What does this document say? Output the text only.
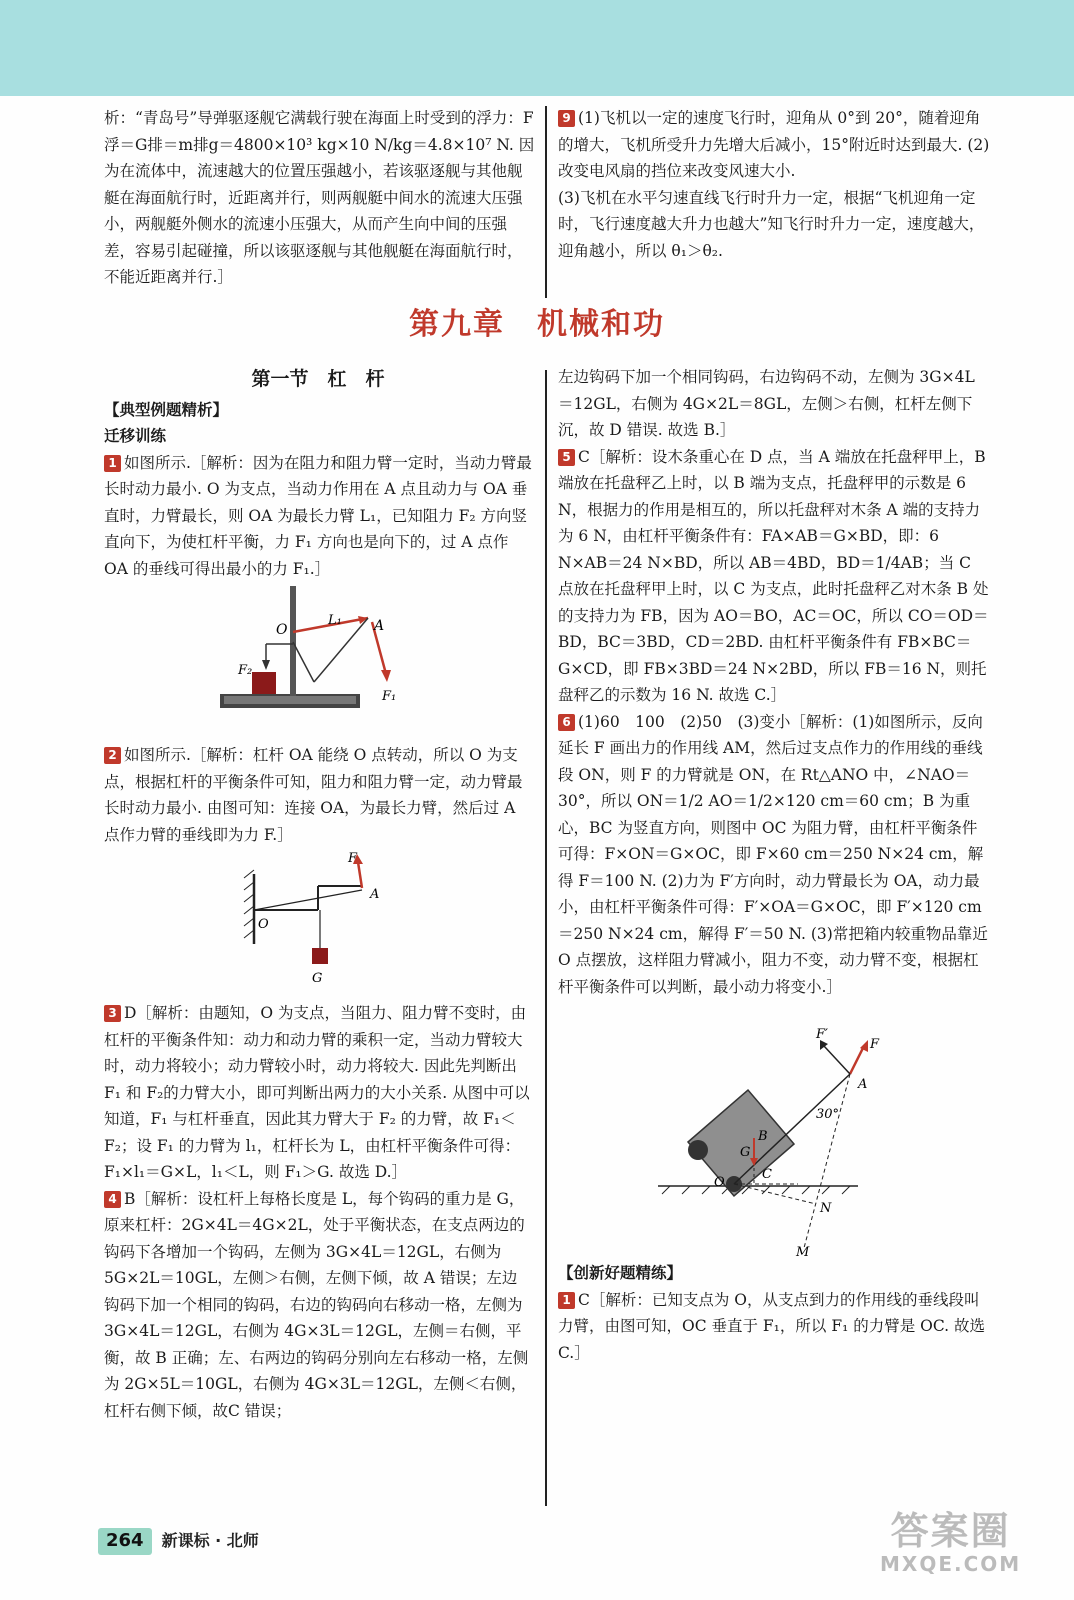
析：“青岛号”导弹驱逐舰它满载行驶在海面上时受到的浮力：F浮＝G排＝m排g＝4800×10³ kg×10 N/kg＝4.8×10⁷ N. 因为在流体中，流速越大的位置压强越小，若该驱逐舰与其他舰艇在海面航行时，近距离并行，则两舰艇中间水的流速大压强小，两舰艇外侧水的流速小压强大，从而产生向中间的压强差，容易引起碰撞，所以该驱逐舰与其他舰艇在海面航行时，不能近距离并行.］

9 (1)飞机以一定的速度飞行时，迎角从 0°到 20°，随着迎角的增大，飞机所受升力先增大后减小，15°附近时达到最大. (2)改变电风扇的挡位来改变风速大小.

(3)飞机在水平匀速直线飞行时升力一定，根据“飞机迎角一定时，飞行速度越大升力也越大”知飞行时升力一定，速度越大，迎角越小，所以 θ₁＞θ₂.

第九章　机械和功
第一节　杠　杆
【典型例题精析】
迁移训练

1 如图所示.［解析：因为在阻力和阻力臂一定时，当动力臂最长时动力最小. O 为支点，当动力作用在 A 点且动力与 OA 垂直时，力臂最长，则 OA 为最长力臂 L₁，已知阻力 F₂ 方向竖直向下，为使杠杆平衡，力 F₁ 方向也是向下的，过 A 点作 OA 的垂线可得出最小的力 F₁.］

O
L₁ A
F₂
F₁

2 如图所示.［解析：杠杆 OA 能绕 O 点转动，所以 O 为支点，根据杠杆的平衡条件可知，阻力和阻力臂一定，动力臂最长时动力最小. 由图可知：连接 OA，为最长力臂，然后过 A 点作力臂的垂线即为力 F.］

F
A
O
G

3 D［解析：由题知，O 为支点，当阻力、阻力臂不变时，由杠杆的平衡条件知：动力和动力臂的乘积一定，当动力臂较大时，动力将较小；动力臂较小时，动力将较大. 因此先判断出 F₁ 和 F₂的力臂大小，即可判断出两力的大小关系. 从图中可以知道，F₁ 与杠杆垂直，因此其力臂大于 F₂ 的力臂，故 F₁＜F₂；设 F₁ 的力臂为 l₁，杠杆长为 L，由杠杆平衡条件可得：F₁×l₁＝G×L，l₁＜L，则 F₁＞G. 故选 D.］

4 B［解析：设杠杆上每格长度是 L，每个钩码的重力是 G，原来杠杆：2G×4L＝4G×2L，处于平衡状态，在支点两边的钩码下各增加一个钩码，左侧为 3G×4L＝12GL，右侧为 5G×2L＝10GL，左侧＞右侧，左侧下倾，故 A 错误；左边钩码下加一个相同的钩码，右边的钩码向右移动一格，左侧为 3G×4L＝12GL，右侧为 4G×3L＝12GL，左侧＝右侧，平衡，故 B 正确；左、右两边的钩码分别向左右移动一格，左侧为 2G×5L＝10GL，右侧为 4G×3L＝12GL，左侧＜右侧，杠杆右侧下倾，故C 错误；

左边钩码下加一个相同钩码，右边钩码不动，左侧为 3G×4L＝12GL，右侧为 4G×2L＝8GL，左侧＞右侧，杠杆左侧下沉，故 D 错误. 故选 B.］

5 C［解析：设木条重心在 D 点，当 A 端放在托盘秤甲上，B 端放在托盘秤乙上时，以 B 端为支点，托盘秤甲的示数是 6 N，根据力的作用是相互的，所以托盘秤对木条 A 端的支持力为 6 N，由杠杆平衡条件有：FA×AB＝G×BD，即：6 N×AB＝24 N×BD，所以 AB＝4BD，BD＝1/4AB；当 C 点放在托盘秤甲上时，以 C 为支点，此时托盘秤乙对木条 B 处的支持力为 FB，因为 AO＝BO，AC＝OC，所以 CO＝OD＝BD，BC＝3BD，CD＝2BD. 由杠杆平衡条件有 FB×BC＝G×CD，即 FB×3BD＝24 N×2BD，所以 FB＝16 N，则托盘秤乙的示数为 16 N. 故选 C.］

6 (1)60　100　(2)50　(3)变小［解析：(1)如图所示，反向延长 F 画出力的作用线 AM，然后过支点作力的作用线的垂线段 ON，则 F 的力臂就是 ON，在 Rt△ANO 中，∠NAO＝30°，所以 ON＝1/2 AO＝1/2×120 cm＝60 cm；B 为重心，BC 为竖直方向，则图中 OC 为阻力臂，由杠杆平衡条件可得：F×ON＝G×OC，即 F×60 cm＝250 N×24 cm，解得 F＝100 N. (2)力为 F′方向时，动力臂最长为 OA，动力最小，由杠杆平衡条件可得：F′×OA＝G×OC，即 F′×120 cm＝250 N×24 cm，解得 F′＝50 N. (3)常把箱内较重物品靠近 O 点摆放，这样阻力臂减小，阻力不变，动力臂不变，根据杠杆平衡条件可以判断，最小动力将变小.］

F′
F
A
30°
B
G
O
C
N
M
【创新好题精练】

1 C［解析：已知支点为 O，从支点到力的作用线的垂线段叫力臂，由图可知，OC 垂直于 F₁，所以 F₁ 的力臂是 OC. 故选 C.］

264 新课标 · 北师	答案圈
MXQE.COM
